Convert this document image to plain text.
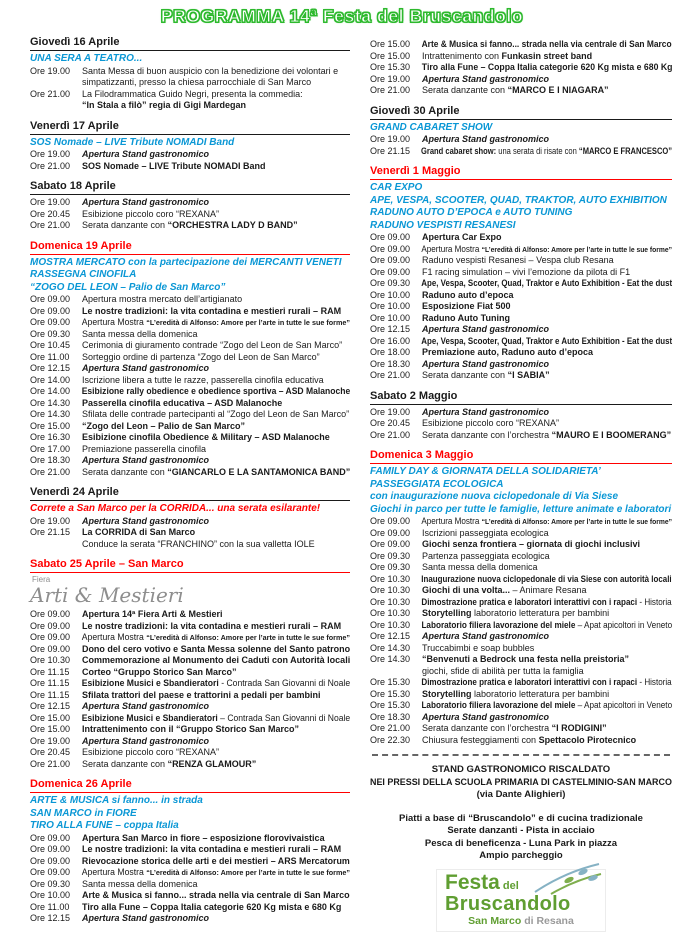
PROGRAMMA 14ª Festa del Bruscandolo
Giovedì 16 Aprile
UNA SERA A TEATRO...
Ore 19.00	Santa Messa di buon auspicio con la benedizione dei volontari e simpatizzanti, presso la chiesa parrocchiale di San Marco
Ore 21.00	La Filodrammatica Guido Negri, presenta la commedia:
“In Stala a filò” regia di Gigi Mardegan
Venerdì 17 Aprile
SOS Nomade – LIVE Tribute NOMADI Band
Ore 19.00	Apertura Stand gastronomico
Ore 21.00	SOS Nomade – LIVE Tribute NOMADI Band
Sabato 18 Aprile
Ore 19.00	Apertura Stand gastronomico
Ore 20.45	Esibizione piccolo coro “REXANA”
Ore 21.00	Serata danzante con “ORCHESTRA LADY D BAND”
Domenica 19 Aprile
MOSTRA MERCATO con la partecipazione dei MERCANTI VENETI
RASSEGNA CINOFILA
“ZOGO DEL LEON – Palio de San Marco”
Ore 09.00	Apertura mostra mercato dell’artigianato
Ore 09.00	Le nostre tradizioni: la vita contadina e mestieri rurali – RAM
Ore 09.00	Apertura Mostra “L’eredità di Alfonso: Amore per l’arte in tutte le sue forme”
Ore 09.30	Santa messa della domenica
Ore 10.45	Cerimonia di giuramento contrade “Zogo del Leon de San Marco”
Ore 11.00	Sorteggio ordine di partenza “Zogo del Leon de San Marco”
Ore 12.15	Apertura Stand gastronomico
Ore 14.00	Iscrizione libera a tutte le razze, passerella cinofila educativa
Ore 14.00	Esibizione rally obedience e obedience sportiva – ASD Malanoche
Ore 14.30	Passerella cinofila educativa – ASD Malanoche
Ore 14.30	Sfilata delle contrade partecipanti al “Zogo del Leon de San Marco”
Ore 15.00	“Zogo del Leon – Palio de San Marco”
Ore 16.30	Esibizione cinofila Obedience & Military – ASD Malanoche
Ore 17.00	Premiazione passerella cinofila
Ore 18.30	Apertura Stand gastronomico
Ore 21.00	Serata danzante con “GIANCARLO E LA SANTAMONICA BAND”
Venerdì 24 Aprile
Correte a San Marco per la CORRIDA... una serata esilarante!
Ore 19.00	Apertura Stand gastronomico
Ore 21.15	La CORRIDA di San Marco
Conduce la serata “FRANCHINO” con la sua valletta IOLE
Sabato 25 Aprile – San Marco
Fiera
Arti & Mestieri
Ore 09.00	Apertura 14ª Fiera Arti & Mestieri
Ore 09.00	Le nostre tradizioni: la vita contadina e mestieri rurali – RAM
Ore 09.00	Apertura Mostra “L’eredità di Alfonso: Amore per l’arte in tutte le sue forme”
Ore 09.00	Dono del cero votivo e Santa Messa solenne del Santo patrono
Ore 10.30	Commemorazione al Monumento dei Caduti con Autorità locali
Ore 11.15	Corteo “Gruppo Storico San Marco”
Ore 11.15	Esibizione Musici e Sbandieratori - Contrada San Giovanni di Noale
Ore 11.15	Sfilata trattori del paese e trattorini a pedali per bambini
Ore 12.15	Apertura Stand gastronomico
Ore 15.00	Esibizione Musici e Sbandieratori – Contrada San Giovanni di Noale
Ore 15.00	Intrattenimento con il “Gruppo Storico San Marco”
Ore 19.00	Apertura Stand gastronomico
Ore 20.45	Esibizione piccolo coro “REXANA”
Ore 21.00	Serata danzante con “RENZA GLAMOUR”
Domenica 26 Aprile
ARTE & MUSICA si fanno... in strada
SAN MARCO in FIORE
TIRO ALLA FUNE – coppa Italia
Ore 09.00	Apertura San Marco in fiore – esposizione florovivaistica
Ore 09.00	Le nostre tradizioni: la vita contadina e mestieri rurali – RAM
Ore 09.00	Rievocazione storica delle arti e dei mestieri – ARS Mercatorum
Ore 09.00	Apertura Mostra “L’eredità di Alfonso: Amore per l’arte in tutte le sue forme”
Ore 09.30	Santa messa della domenica
Ore 10.00	Arte & Musica si fanno... strada nella via centrale di San Marco
Ore 11.00	Tiro alla Fune – Coppa Italia categorie 620 Kg mista e 680 Kg
Ore 12.15	Apertura Stand gastronomico
Ore 15.00	Arte & Musica si fanno... strada nella via centrale di San Marco
Ore 15.00	Intrattenimento con Funkasin street band
Ore 15.30	Tiro alla Fune – Coppa Italia categorie 620 Kg mista e 680 Kg
Ore 19.00	Apertura Stand gastronomico
Ore 21.00	Serata danzante con “MARCO E I NIAGARA”
Giovedì 30 Aprile
GRAND CABARET SHOW
Ore 19.00	Apertura Stand gastronomico
Ore 21.15	Grand cabaret show: una serata di risate con “MARCO E FRANCESCO”
Venerdì 1 Maggio
CAR EXPO
APE, VESPA, SCOOTER, QUAD, TRAKTOR, AUTO EXHIBITION
RADUNO AUTO D’EPOCA e AUTO TUNING
RADUNO VESPISTI RESANESI
Ore 09.00	Apertura Car Expo
Ore 09.00	Apertura Mostra “L’eredità di Alfonso: Amore per l’arte in tutte le sue forme”
Ore 09.00	Raduno vespisti Resanesi – Vespa club Resana
Ore 09.00	F1 racing simulation – vivi l’emozione da pilota di F1
Ore 09.30	Ape, Vespa, Scooter, Quad, Traktor e Auto Exhibition - Eat the dust
Ore 10.00	Raduno auto d’epoca
Ore 10.00	Esposizione Fiat 500
Ore 10.00	Raduno Auto Tuning
Ore 12.15	Apertura Stand gastronomico
Ore 16.00	Ape, Vespa, Scooter, Quad, Traktor e Auto Exhibition - Eat the dust
Ore 18.00	Premiazione auto, Raduno auto d’epoca
Ore 18.30	Apertura Stand gastronomico
Ore 21.00	Serata danzante con “I SABIA”
Sabato 2 Maggio
Ore 19.00	Apertura Stand gastronomico
Ore 20.45	Esibizione piccolo coro “REXANA”
Ore 21.00	Serata danzante con l’orchestra “MAURO E I BOOMERANG”
Domenica 3 Maggio
FAMILY DAY & GIORNATA DELLA SOLIDARIETA’
PASSEGGIATA ECOLOGICA
con inaugurazione nuova ciclopedonale di Via Siese
Giochi in parco per tutte le famiglie, letture animate e laboratori
Ore 09.00	Apertura Mostra “L’eredità di Alfonso: Amore per l’arte in tutte le sue forme”
Ore 09.00	Iscrizioni passeggiata ecologica
Ore 09.00	Giochi senza frontiera – giornata di giochi inclusivi
Ore 09.30	Partenza passeggiata ecologica
Ore 09.30	Santa messa della domenica
Ore 10.30	Inaugurazione nuova ciclopedonale di via Siese con autorità locali
Ore 10.30	Giochi di una volta... – Animare Resana
Ore 10.30	Dimostrazione pratica e laboratori interattivi con i rapaci - Historia
Ore 10.30	Storytelling laboratorio letteratura per bambini
Ore 10.30	Laboratorio filiera lavorazione del miele – Apat apicoltori in Veneto
Ore 12.15	Apertura Stand gastronomico
Ore 14.30	Truccabimbi e soap bubbles
Ore 14.30	“Benvenuti a Bedrock una festa nella preistoria”
giochi, sfide di abilità per tutta la famiglia
Ore 15.30	Dimostrazione pratica e laboratori interattivi con i rapaci - Historia
Ore 15.30	Storytelling laboratorio letteratura per bambini
Ore 15.30	Laboratorio filiera lavorazione del miele – Apat apicoltori in Veneto
Ore 18.30	Apertura Stand gastronomico
Ore 21.00	Serata danzante con l’orchestra “I RODIGINI”
Ore 22.30	Chiusura festeggiamenti con Spettacolo Pirotecnico

STAND GASTRONOMICO RISCALDATO

NEI PRESSI DELLA SCUOLA PRIMARIA DI CASTELMINIO-SAN MARCO

(via Dante Alighieri)

Piatti a base di “Bruscandolo” e di cucina tradizionale

Serate danzanti - Pista in acciaio

Pesca di beneficenza - Luna Park in piazza

Ampio parcheggio

Festa del
Bruscandolo
San Marco di Resana
